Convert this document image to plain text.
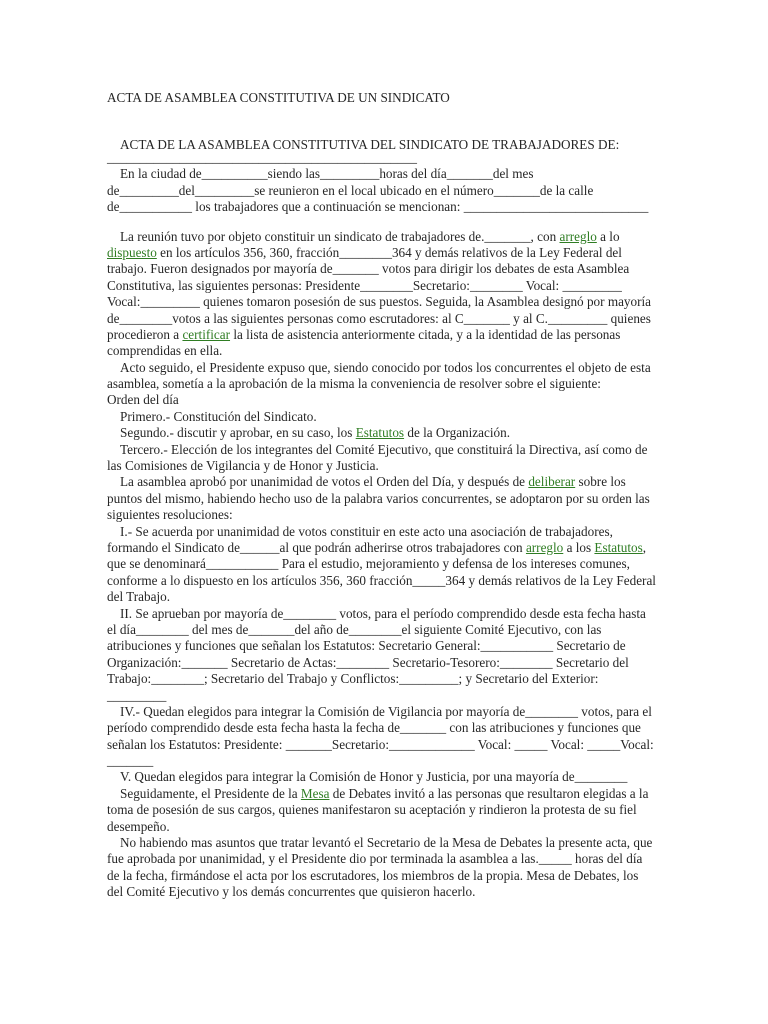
ACTA DE ASAMBLEA CONSTITUTIVA DE UN SINDICATO
ACTA DE LA ASAMBLEA CONSTITUTIVA DEL SINDICATO DE TRABAJADORES DE:
_______________________________________________
En la ciudad de__________siendo las_________horas del día_______del mes
de_________del_________se reunieron en el local ubicado en el número_______de la calle
de___________ los trabajadores que a continuación se mencionan: ____________________________
La reunión tuvo por objeto constituir un sindicato de trabajadores de._______, con arreglo a lo
dispuesto en los artículos 356, 360, fracción________364 y demás relativos de la Ley Federal del
trabajo. Fueron designados por mayoría de_______ votos para dirigir los debates de esta Asamblea
Constitutiva, las siguientes personas: Presidente________Secretario:________ Vocal: _________
Vocal:_________ quienes tomaron posesión de sus puestos. Seguida, la Asamblea designó por mayoría
de________votos a las siguientes personas como escrutadores: al C_______ y al C._________ quienes
procedieron a certificar la lista de asistencia anteriormente citada, y a la identidad de las personas
comprendidas en ella.
Acto seguido, el Presidente expuso que, siendo conocido por todos los concurrentes el objeto de esta
asamblea, sometía a la aprobación de la misma la conveniencia de resolver sobre el siguiente:
Orden del día
Primero.- Constitución del Sindicato.
Segundo.- discutir y aprobar, en su caso, los Estatutos de la Organización.
Tercero.- Elección de los integrantes del Comité Ejecutivo, que constituirá la Directiva, así como de
las Comisiones de Vigilancia y de Honor y Justicia.
La asamblea aprobó por unanimidad de votos el Orden del Día, y después de deliberar sobre los
puntos del mismo, habiendo hecho uso de la palabra varios concurrentes, se adoptaron por su orden las
siguientes resoluciones:
I.- Se acuerda por unanimidad de votos constituir en este acto una asociación de trabajadores,
formando el Sindicato de______al que podrán adherirse otros trabajadores con arreglo a los Estatutos,
que se denominará___________ Para el estudio, mejoramiento y defensa de los intereses comunes,
conforme a lo dispuesto en los artículos 356, 360 fracción_____364 y demás relativos de la Ley Federal
del Trabajo.
II. Se aprueban por mayoría de________ votos, para el período comprendido desde esta fecha hasta
el día________ del mes de_______del año de________el siguiente Comité Ejecutivo, con las
atribuciones y funciones que señalan los Estatutos: Secretario General:___________ Secretario de
Organización:_______ Secretario de Actas:________ Secretario-Tesorero:________ Secretario del
Trabajo:________; Secretario del Trabajo y Conflictos:_________; y Secretario del Exterior:
_________
IV.- Quedan elegidos para integrar la Comisión de Vigilancia por mayoría de________ votos, para el
período comprendido desde esta fecha hasta la fecha de_______ con las atribuciones y funciones que
señalan los Estatutos: Presidente: _______Secretario:_____________ Vocal: _____ Vocal: _____Vocal:
_______
V. Quedan elegidos para integrar la Comisión de Honor y Justicia, por una mayoría de________
Seguidamente, el Presidente de la Mesa de Debates invitó a las personas que resultaron elegidas a la
toma de posesión de sus cargos, quienes manifestaron su aceptación y rindieron la protesta de su fiel
desempeño.
No habiendo mas asuntos que tratar levantó el Secretario de la Mesa de Debates la presente acta, que
fue aprobada por unanimidad, y el Presidente dio por terminada la asamblea a las._____ horas del día
de la fecha, firmándose el acta por los escrutadores, los miembros de la propia. Mesa de Debates, los
del Comité Ejecutivo y los demás concurrentes que quisieron hacerlo.
